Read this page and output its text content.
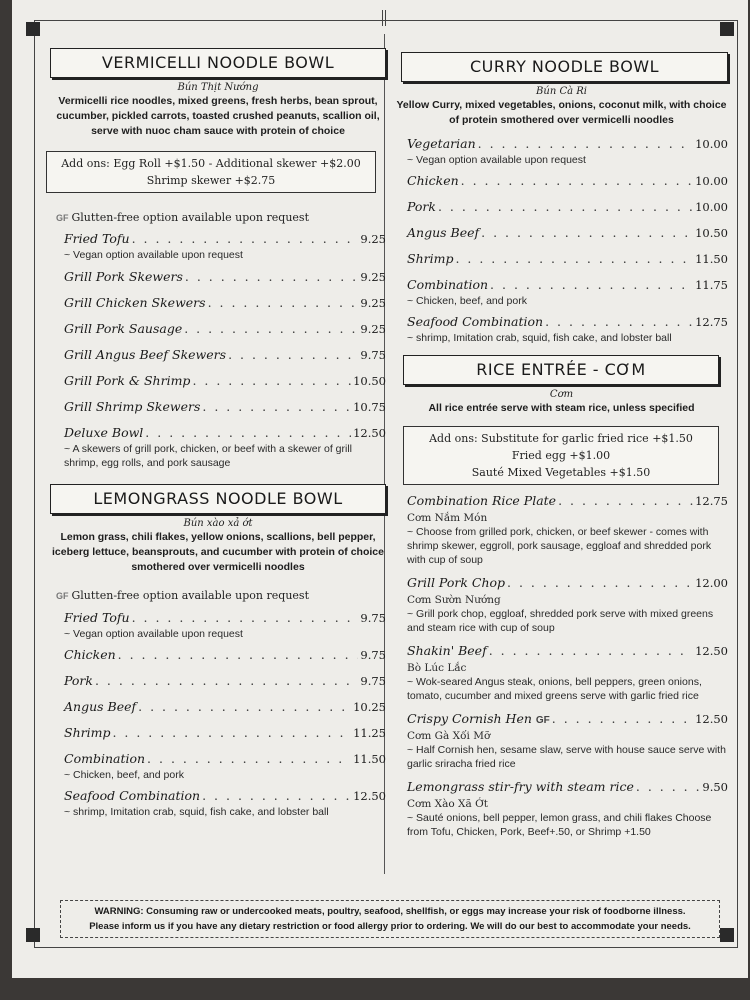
VERMICELLI NOODLE BOWL
Bún Thịt Nướng
Vermicelli rice noodles, mixed greens, fresh herbs, bean sprout, cucumber, pickled carrots, toasted crushed peanuts, scallion oil, serve with nuoc cham sauce with protein of choice
Add ons: Egg Roll +$1.50 - Additional skewer +$2.00
Shrimp skewer +$2.75
GF Glutten-free option available upon request
Fried Tofu . . .	9.25
~ Vegan option available upon request
Grill Pork Skewers . . .	9.25
Grill Chicken Skewers . . .	9.25
Grill Pork Sausage . . .	9.25
Grill Angus Beef Skewers . . .	9.75
Grill Pork & Shrimp . . .	10.50
Grill Shrimp Skewers . . .	10.75
Deluxe Bowl . . .	12.50
~ A skewers of grill pork, chicken, or beef with a skewer of grill shrimp, egg rolls, and pork sausage
LEMONGRASS NOODLE BOWL
Bún xào xả ớt
Lemon grass, chili flakes, yellow onions, scallions, bell pepper, iceberg lettuce, beansprouts, and cucumber with protein of choice smothered over vermicelli noodles
GF Glutten-free option available upon request
Fried Tofu . . .	9.75
~ Vegan option available upon request
Chicken . . .	9.75
Pork . . .	9.75
Angus Beef . . .	10.25
Shrimp . . .	11.25
Combination . . .	11.50
~ Chicken, beef, and pork
Seafood Combination . . .	12.50
~ shrimp, Imitation crab, squid, fish cake, and lobster ball
CURRY NOODLE BOWL
Bún Cà Ri
Yellow Curry, mixed vegetables, onions, coconut milk, with choice of protein smothered over vermicelli noodles
Vegetarian . . .	10.00
~ Vegan option available upon request
Chicken . . .	10.00
Pork . . .	10.00
Angus Beef . . .	10.50
Shrimp . . .	11.50
Combination . . .	11.75
~ Chicken, beef, and pork
Seafood Combination . . .	12.75
~ shrimp, Imitation crab, squid, fish cake, and lobster ball
RICE ENTRÉE - CƠM
Cơm
All rice entrée serve with steam rice, unless specified
Add ons: Substitute for garlic fried rice +$1.50
Fried egg +$1.00
Sauté Mixed Vegetables +$1.50
Combination Rice Plate . . .	12.75
Cơm Nắm Món
~ Choose from grilled pork, chicken, or beef skewer - comes with shrimp skewer, eggroll, pork sausage, eggloaf and shredded pork with cup of soup
Grill Pork Chop . . .	12.00
Cơm Sườn Nướng
~ Grill pork chop, eggloaf, shredded pork serve with mixed greens and steam rice with cup of soup
Shakin' Beef . . .	12.50
Bò Lúc Lắc
~ Wok-seared Angus steak, onions, bell peppers, green onions, tomato, cucumber and mixed greens serve with garlic fried rice
Crispy Cornish Hen GF . . .	12.50
Cơm Gà Xối Mỡ
~ Half Cornish hen, sesame slaw, serve with house sauce serve with garlic sriracha fried rice
Lemongrass stir-fry with steam rice . . .	9.50
Cơm Xào Xã Ớt
~ Sauté onions, bell pepper, lemon grass, and chili flakes Choose from Tofu, Chicken, Pork, Beef+.50, or Shrimp +1.50
WARNING: Consuming raw or undercooked meats, poultry, seafood, shellfish, or eggs may increase your risk of foodborne illness.
Please inform us if you have any dietary restriction or food allergy prior to ordering. We will do our best to accommodate your needs.
